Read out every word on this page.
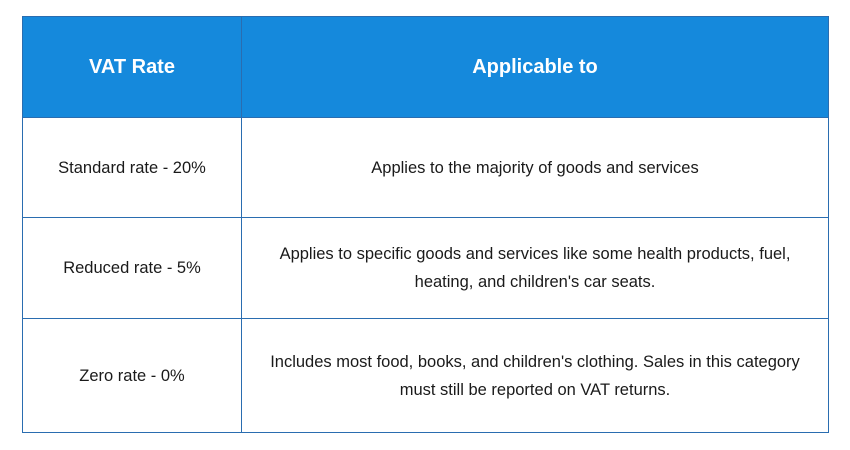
VAT Rate	Applicable to
Standard rate - 20%	Applies to the majority of goods and services
Reduced rate - 5%	Applies to specific goods and services like some health products, fuel, heating, and children's car seats.
Zero rate - 0%	Includes most food, books, and children's clothing. Sales in this category must still be reported on VAT returns.
